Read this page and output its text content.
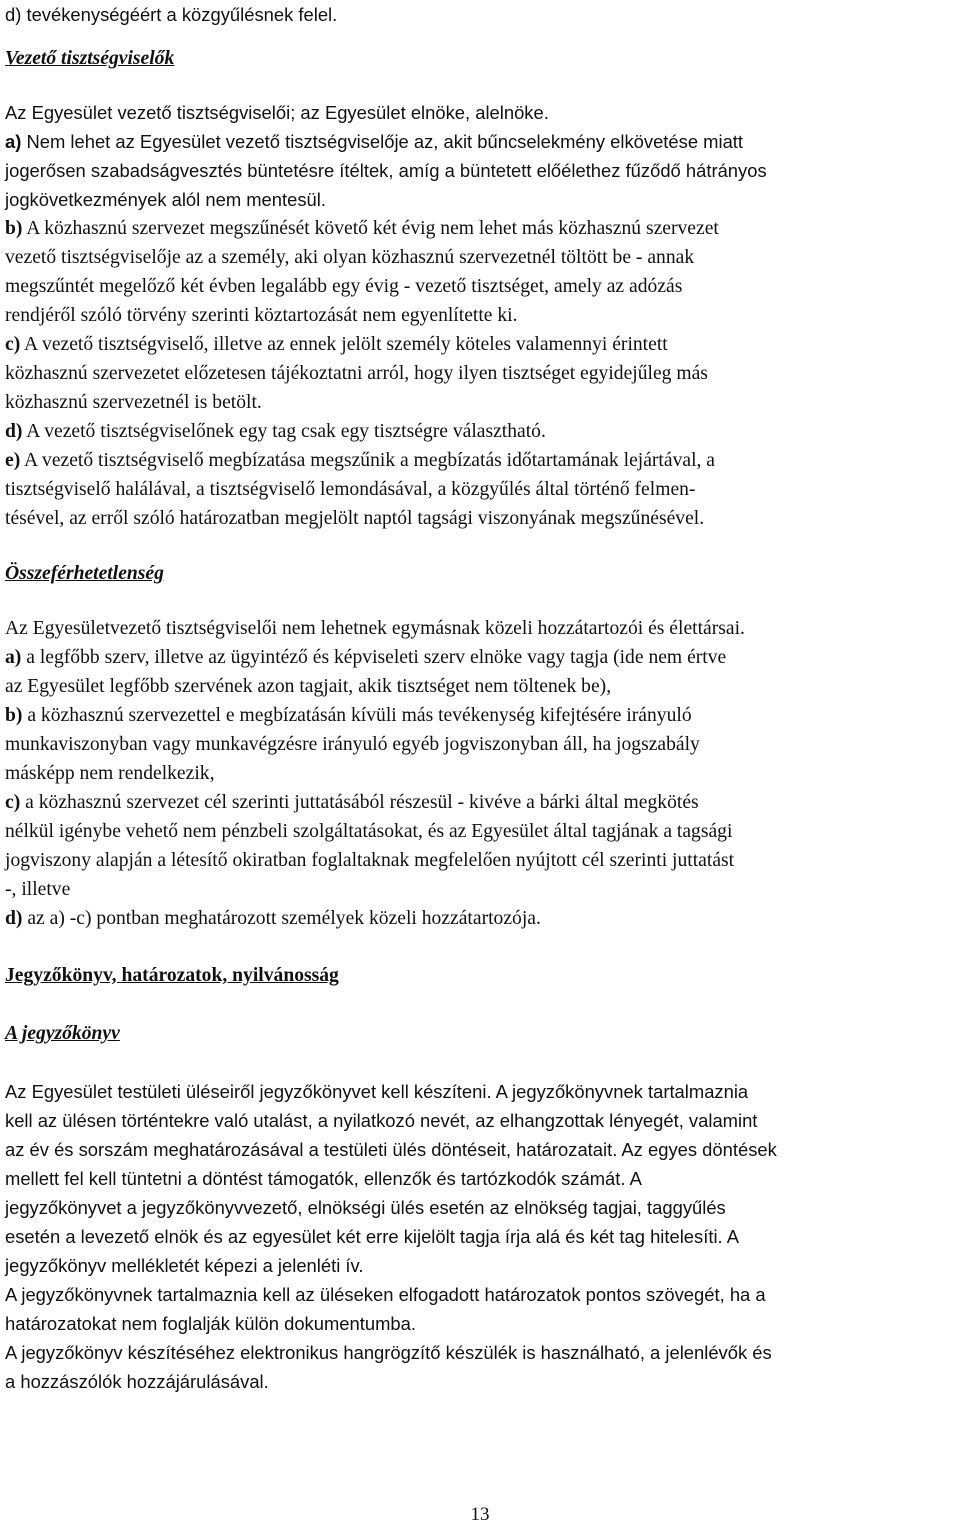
d) tevékenységéért a közgyűlésnek felel.
Vezető tisztségviselők
Az Egyesület vezető tisztségviselői; az Egyesület elnöke, alelnöke.
a) Nem lehet az Egyesület vezető tisztségviselője az, akit bűncselekmény elkövetése miatt
jogerősen szabadságvesztés büntetésre ítéltek, amíg a büntetett előélethez fűződő hátrányos
jogkövetkezmények alól nem mentesül.
b) A közhasznú szervezet megszűnését követő két évig nem lehet más közhasznú szervezet
vezető tisztségviselője az a személy, aki olyan közhasznú szervezetnél töltött be - annak
megszűntét megelőző két évben legalább egy évig - vezető tisztséget, amely az adózás
rendjéről szóló törvény szerinti köztartozását nem egyenlítette ki.
c) A vezető tisztségviselő, illetve az ennek jelölt személy köteles valamennyi érintett
közhasznú szervezetet előzetesen tájékoztatni arról, hogy ilyen tisztséget egyidejűleg más
közhasznú szervezetnél is betölt.
d) A vezető tisztségviselőnek egy tag csak egy tisztségre választható.
e) A vezető tisztségviselő megbízatása megszűnik a megbízatás időtartamának lejártával, a
tisztségviselő halálával, a tisztségviselő lemondásával, a közgyűlés által történő felmen-
tésével, az erről szóló határozatban megjelölt naptól tagsági viszonyának megszűnésével.
Összeférhetetlenség
Az Egyesületvezető tisztségviselői nem lehetnek egymásnak közeli hozzátartozói és élettársai.
a) a legfőbb szerv, illetve az ügyintéző és képviseleti szerv elnöke vagy tagja (ide nem értve
az Egyesület legfőbb szervének azon tagjait, akik tisztséget nem töltenek be),
b) a közhasznú szervezettel e megbízatásán kívüli más tevékenység kifejtésére irányuló
munkaviszonyban vagy munkavégzésre irányuló egyéb jogviszonyban áll, ha jogszabály
másképp nem rendelkezik,
c) a közhasznú szervezet cél szerinti juttatásából részesül - kivéve a bárki által megkötés
nélkül igénybe vehető nem pénzbeli szolgáltatásokat, és az Egyesület által tagjának a tagsági
jogviszony alapján a létesítő okiratban foglaltaknak megfelelően nyújtott cél szerinti juttatást
-, illetve
d) az a) -c) pontban meghatározott személyek közeli hozzátartozója.
Jegyzőkönyv, határozatok, nyilvánosság
A jegyzőkönyv
Az Egyesület testületi üléseiről jegyzőkönyvet kell készíteni. A jegyzőkönyvnek tartalmaznia
kell az ülésen történtekre való utalást, a nyilatkozó nevét, az elhangzottak lényegét, valamint
az év és sorszám meghatározásával a testületi ülés döntéseit, határozatait. Az egyes döntések
mellett fel kell tüntetni a döntést támogatók, ellenzők és tartózkodók számát. A
jegyzőkönyvet a jegyzőkönyvvezető, elnökségi ülés esetén az elnökség tagjai, taggyűlés
esetén a levezető elnök és az egyesület két erre kijelölt tagja írja alá és két tag hitelesíti. A
jegyzőkönyv mellékletét képezi a jelenléti ív.
A jegyzőkönyvnek tartalmaznia kell az üléseken elfogadott határozatok pontos szövegét, ha a
határozatokat nem foglalják külön dokumentumba.
A jegyzőkönyv készítéséhez elektronikus hangrögzítő készülék is használható, a jelenlévők és
a hozzászólók hozzájárulásával.
13
